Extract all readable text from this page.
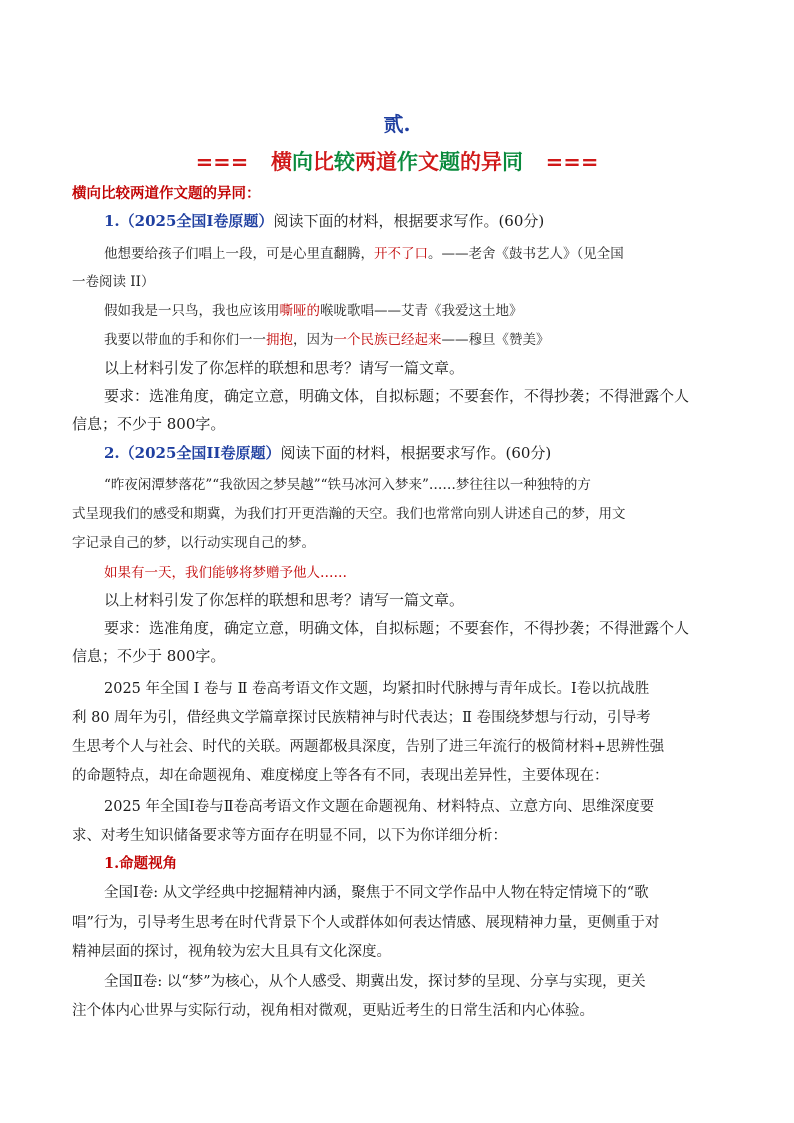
贰.
=== 横向比较两道作文题的异同 ===
横向比较两道作文题的异同：
1.（2025全国Ⅰ卷原题）阅读下面的材料，根据要求写作。(60分)
他想要给孩子们唱上一段，可是心里直翻腾，开不了口。——老舍《鼓书艺人》（见全国
一卷阅读 II）
假如我是一只鸟，我也应该用嘶哑的喉咙歌唱——艾青《我爱这土地》
我要以带血的手和你们一一拥抱，因为一个民族已经起来——穆旦《赞美》
以上材料引发了你怎样的联想和思考？请写一篇文章。
要求：选准角度，确定立意，明确文体，自拟标题；不要套作，不得抄袭；不得泄露个人
信息；不少于 800字。
2.（2025全国II卷原题）阅读下面的材料，根据要求写作。(60分)
“昨夜闲潭梦落花”“我欲因之梦吴越”“铁马冰河入梦来”……梦往往以一种独特的方
式呈现我们的感受和期冀，为我们打开更浩瀚的天空。我们也常常向别人讲述自己的梦，用文
字记录自己的梦，以行动实现自己的梦。
如果有一天，我们能够将梦赠予他人……
以上材料引发了你怎样的联想和思考？请写一篇文章。
要求：选准角度，确定立意，明确文体，自拟标题；不要套作，不得抄袭；不得泄露个人
信息；不少于 800字。
2025 年全国 Ⅰ 卷与 Ⅱ 卷高考语文作文题，均紧扣时代脉搏与青年成长。Ⅰ卷以抗战胜
利 80 周年为引，借经典文学篇章探讨民族精神与时代表达；Ⅱ 卷围绕梦想与行动，引导考
生思考个人与社会、时代的关联。两题都极具深度，告别了进三年流行的极简材料+思辨性强
的命题特点，却在命题视角、难度梯度上等各有不同，表现出差异性，主要体现在：
2025 年全国Ⅰ卷与Ⅱ卷高考语文作文题在命题视角、材料特点、立意方向、思维深度要
求、对考生知识储备要求等方面存在明显不同，以下为你详细分析：
1.命题视角
全国Ⅰ卷: 从文学经典中挖掘精神内涵，聚焦于不同文学作品中人物在特定情境下的“歌
唱”行为，引导考生思考在时代背景下个人或群体如何表达情感、展现精神力量，更侧重于对
精神层面的探讨，视角较为宏大且具有文化深度。
全国Ⅱ卷: 以“梦”为核心，从个人感受、期冀出发，探讨梦的呈现、分享与实现，更关
注个体内心世界与实际行动，视角相对微观，更贴近考生的日常生活和内心体验。
